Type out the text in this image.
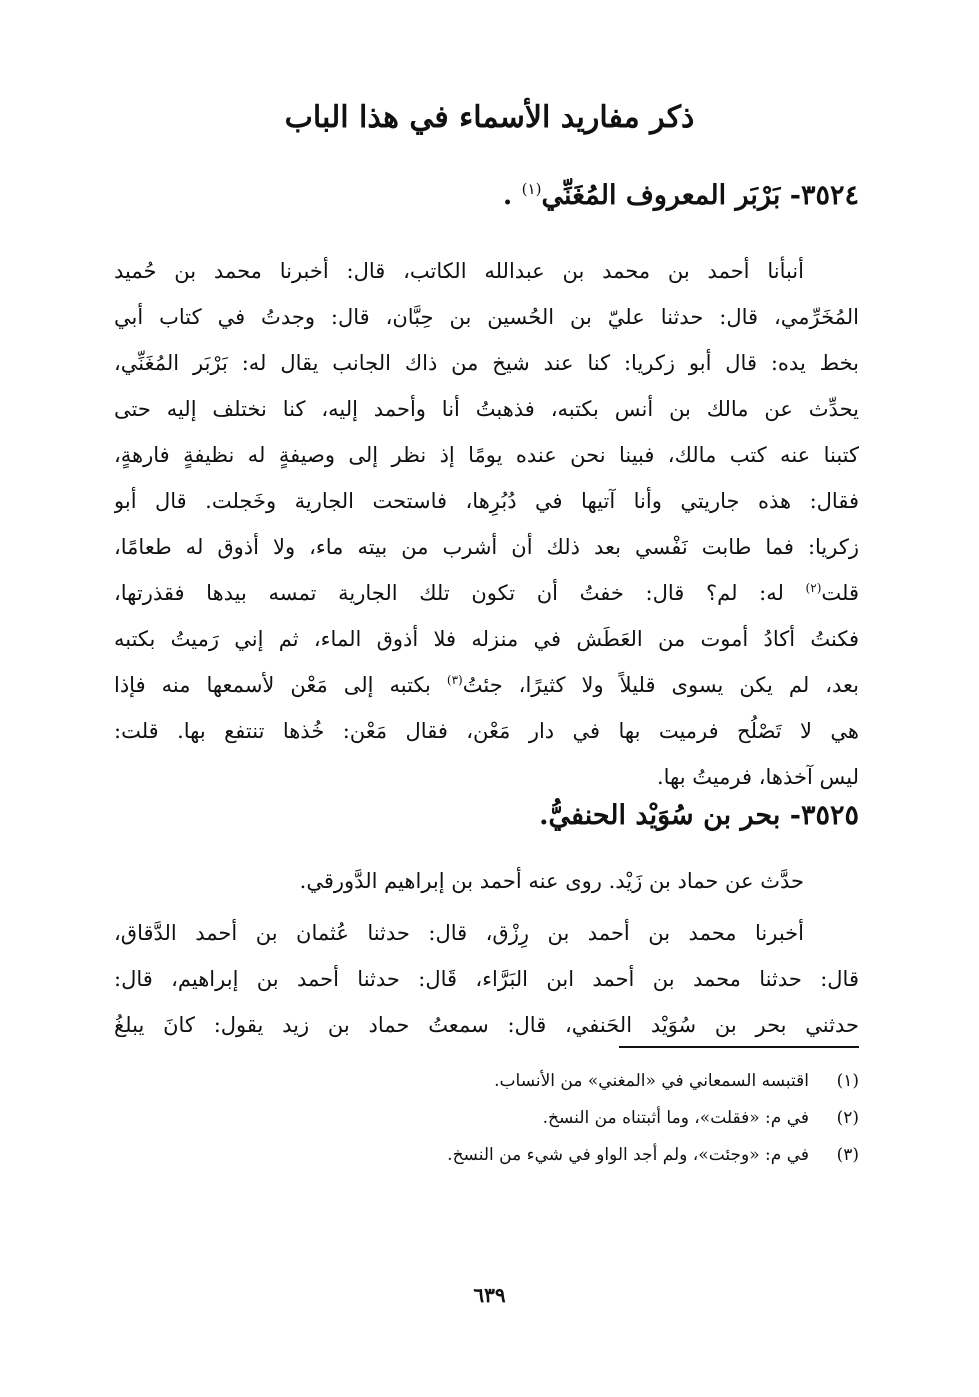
ذكر مفاريد الأسماء في هذا الباب
٣٥٢٤- بَرْبَر المعروف المُغَنِّي$^{(١)}$ .
أنبأنا أحمد بن محمد بن عبدالله الكاتب، قال: أخبرنا محمد بن حُميد
المُخَرِّمي، قال: حدثنا عليّ بن الحُسين بن حِبَّان، قال: وجدتُ في كتاب أبي
بخط يده: قال أبو زكريا: كنا عند شيخ من ذاك الجانب يقال له: بَرْبَر المُغَنِّي،
يحدِّث عن مالك بن أنس بكتبه، فذهبتُ أنا وأحمد إليه، كنا نختلف إليه حتى
كتبنا عنه كتب مالك، فبينا نحن عنده يومًا إذ نظر إلى وصيفةٍ له نظيفةٍ فارهةٍ،
فقال: هذه جاريتي وأنا آتيها في دُبُرِها، فاستحت الجارية وخَجلت. قال أبو
زكريا: فما طابت نَفْسي بعد ذلك أن أشرب من بيته ماء، ولا أذوق له طعامًا،
قلت$^{(٢)}$ له: لم؟ قال: خفتُ أن تكون تلك الجارية تمسه بيدها فقذرتها،
فكنتُ أكادُ أموت من العَطَش في منزله فلا أذوق الماء، ثم إني رَميتُ بكتبه
بعد، لم يكن يسوى قليلاً ولا كثيرًا، جئتُ$^{(٣)}$ بكتبه إلى مَعْن لأسمعها منه فإذا
هي لا تَصْلُح فرميت بها في دار مَعْن، فقال مَعْن: خُذها تنتفع بها. قلت:
ليس آخذها، فرميتُ بها.
٣٥٢٥- بحر بن سُوَيْد الحنفيُّ.
حدَّث عن حماد بن زَيْد. روى عنه أحمد بن إبراهيم الدَّورقي.
أخبرنا محمد بن أحمد بن رِزْق، قال: حدثنا عُثمان بن أحمد الدَّقاق،
قال: حدثنا محمد بن أحمد ابن البَرَّاء، قَال: حدثنا أحمد بن إبراهيم، قال:
حدثني بحر بن سُوَيْد الحَنفي، قال: سمعتُ حماد بن زيد يقول: كانَ يبلغُ
(١)اقتبسه السمعاني في «المغني» من الأنساب.
(٢)في م: «فقلت»، وما أثبتناه من النسخ.
(٣)في م: «وجئت»، ولم أجد الواو في شيء من النسخ.
٦٣٩
